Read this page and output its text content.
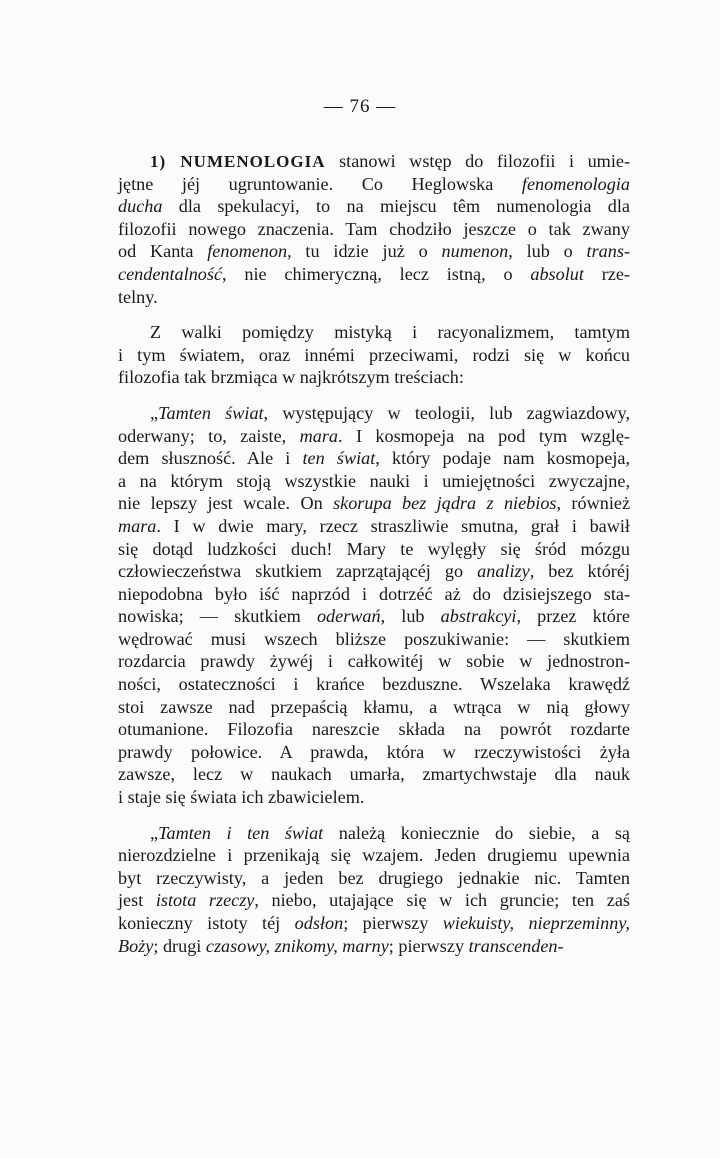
— 76 —
1) NUMENOLOGIA stanowi wstęp do filozofii i umie-
jętne jéj ugruntowanie. Co Heglowska fenomenologia
ducha dla spekulacyi, to na miejscu têm numenologia dla
filozofii nowego znaczenia. Tam chodziło jeszcze o tak zwany
od Kanta fenomenon, tu idzie już o numenon, lub o trans-
cendentalność, nie chimeryczną, lecz istną, o absolut rze-
telny.
Z walki pomiędzy mistyką i racyonalizmem, tamtym
i tym światem, oraz innémi przeciwami, rodzi się w końcu
filozofia tak brzmiąca w najkrótszym treściach:
„Tamten świat, występujący w teologii, lub zagwiazdowy,
oderwany; to, zaiste, mara. I kosmopeja na pod tym wzglę-
dem słuszność. Ale i ten świat, który podaje nam kosmopeja,
a na którym stoją wszystkie nauki i umiejętności zwyczajne,
nie lepszy jest wcale. On skorupa bez jądra z niebios, również
mara. I w dwie mary, rzecz straszliwie smutna, grał i bawił
się dotąd ludzkości duch! Mary te wylęgły się śród mózgu
człowieczeństwa skutkiem zaprzątającéj go analizy, bez któréj
niepodobna było iść naprzód i dotrzéć aż do dzisiejszego sta-
nowiska; — skutkiem oderwań, lub abstrakcyi, przez które
wędrować musi wszech bliższe poszukiwanie: — skutkiem
rozdarcia prawdy żywéj i całkowitéj w sobie w jednostron-
ności, ostateczności i krańce bezduszne. Wszelaka krawędź
stoi zawsze nad przepaścią kłamu, a wtrąca w nią głowy
otumanione. Filozofia nareszcie składa na powrót rozdarte
prawdy połowice. A prawda, która w rzeczywistości żyła
zawsze, lecz w naukach umarła, zmartychwstaje dla nauk
i staje się świata ich zbawicielem.
„Tamten i ten świat należą koniecznie do siebie, a są
nierozdzielne i przenikają się wzajem. Jeden drugiemu upewnia
byt rzeczywisty, a jeden bez drugiego jednakie nic. Tamten
jest istota rzeczy, niebo, utajające się w ich gruncie; ten zaś
konieczny istoty téj odsłon; pierwszy wiekuisty, nieprzeminny,
Boży; drugi czasowy, znikomy, marny; pierwszy transcenden-
